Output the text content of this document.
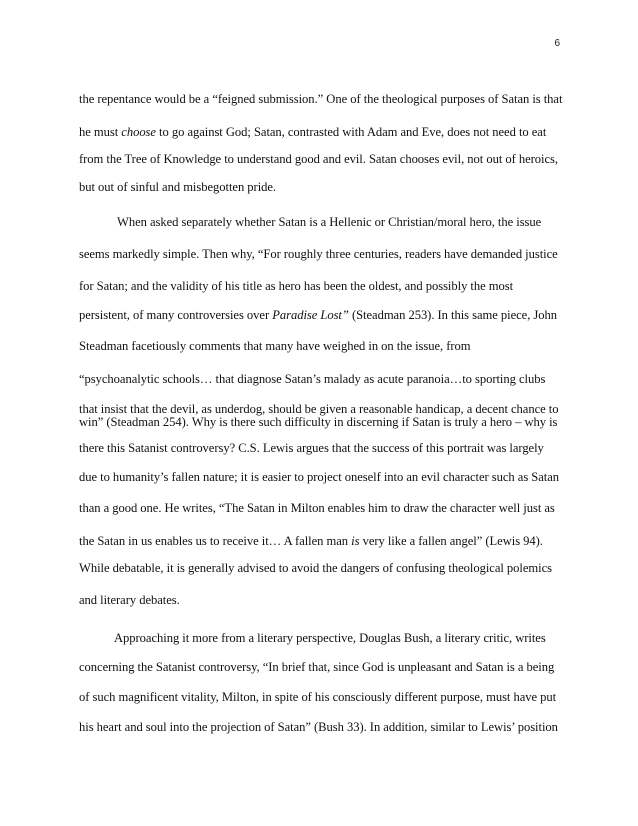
6
the repentance would be a “feigned submission.” One of the theological purposes of Satan is that
he must choose to go against God; Satan, contrasted with Adam and Eve, does not need to eat
from the Tree of Knowledge to understand good and evil. Satan chooses evil, not out of heroics,
but out of sinful and misbegotten pride.
When asked separately whether Satan is a Hellenic or Christian/moral hero, the issue
seems markedly simple. Then why, “For roughly three centuries, readers have demanded justice
for Satan; and the validity of his title as hero has been the oldest, and possibly the most
persistent, of many controversies over Paradise Lost” (Steadman 253). In this same piece, John
Steadman facetiously comments that many have weighed in on the issue, from
“psychoanalytic schools… that diagnose Satan’s malady as acute paranoia…to sporting clubs
that insist that the devil, as underdog, should be given a reasonable handicap, a decent chance to
win” (Steadman 254). Why is there such difficulty in discerning if Satan is truly a hero – why is
there this Satanist controversy? C.S. Lewis argues that the success of this portrait was largely
due to humanity’s fallen nature; it is easier to project oneself into an evil character such as Satan
than a good one. He writes, “The Satan in Milton enables him to draw the character well just as
the Satan in us enables us to receive it… A fallen man is very like a fallen angel” (Lewis 94).
While debatable, it is generally advised to avoid the dangers of confusing theological polemics
and literary debates.
Approaching it more from a literary perspective, Douglas Bush, a literary critic, writes
concerning the Satanist controversy, “In brief that, since God is unpleasant and Satan is a being
of such magnificent vitality, Milton, in spite of his consciously different purpose, must have put
his heart and soul into the projection of Satan” (Bush 33). In addition, similar to Lewis’ position
